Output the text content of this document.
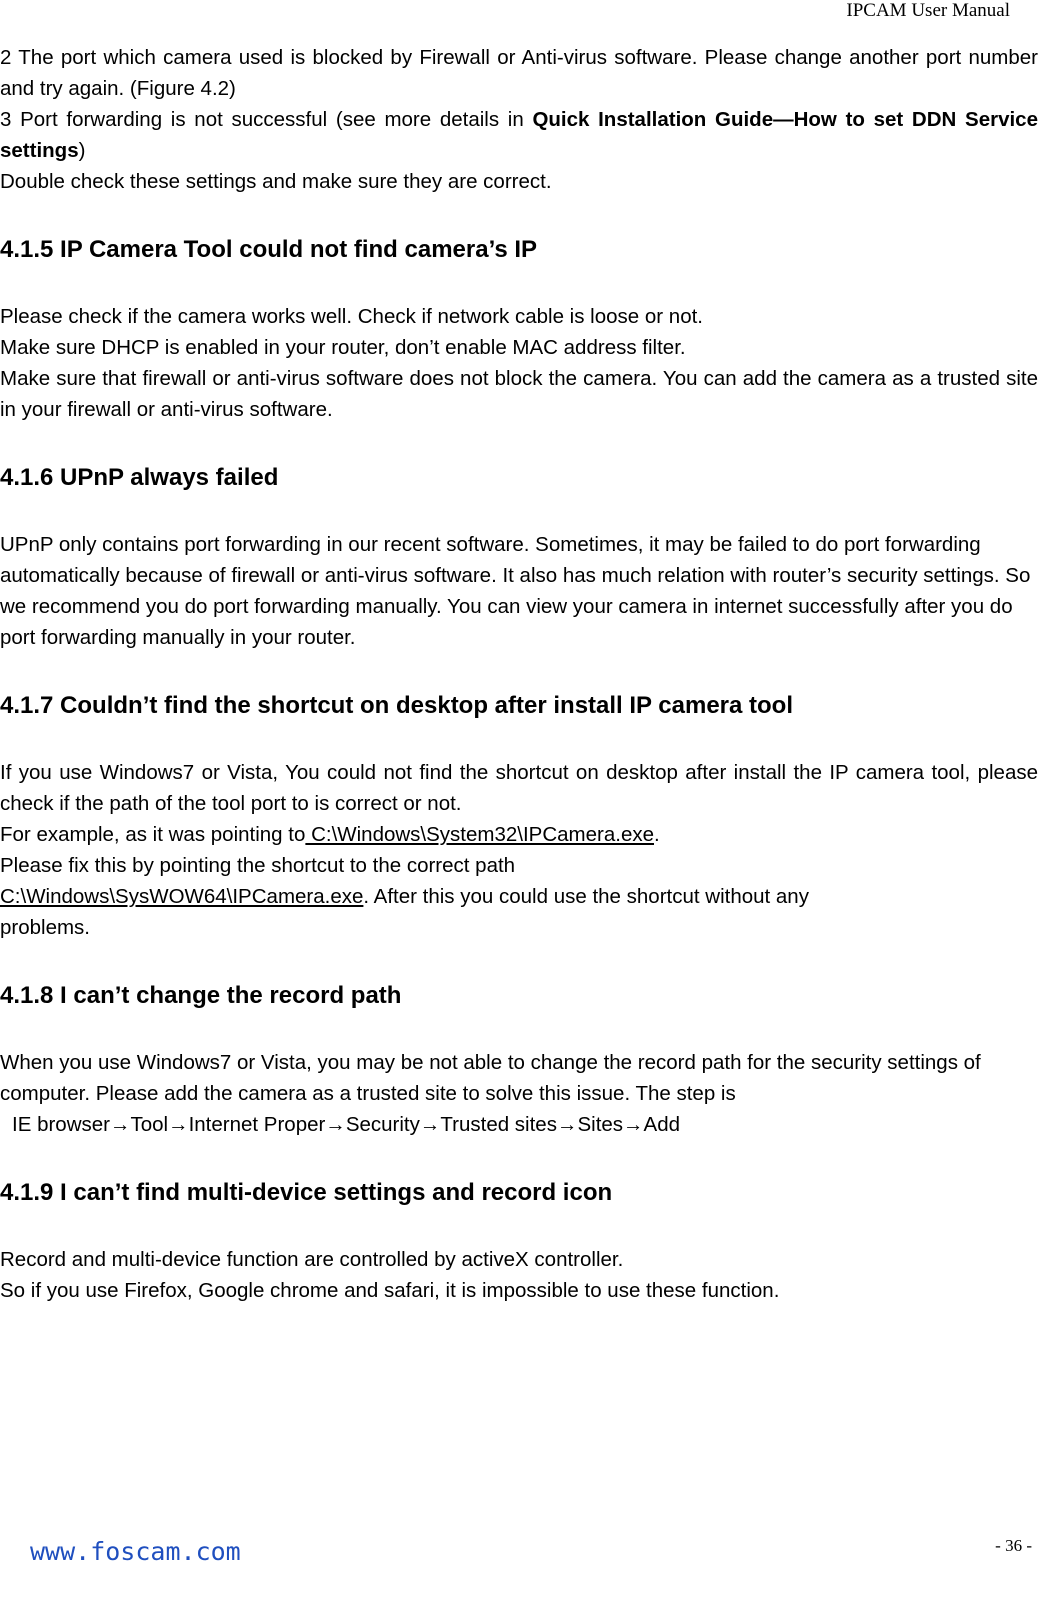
IPCAM User Manual

2 The port which camera used is blocked by Firewall or Anti-virus software. Please change another port number and try again. (Figure 4.2)

3 Port forwarding is not successful (see more details in Quick Installation Guide—How to set DDN Service settings)

Double check these settings and make sure they are correct.

4.1.5 IP Camera Tool could not find camera’s IP

Please check if the camera works well. Check if network cable is loose or not.

Make sure DHCP is enabled in your router, don’t enable MAC address filter.

Make sure that firewall or anti-virus software does not block the camera. You can add the camera as a trusted site in your firewall or anti-virus software.

4.1.6 UPnP always failed

UPnP only contains port forwarding in our recent software. Sometimes, it may be failed to do port forwarding automatically because of firewall or anti-virus software. It also has much relation with router’s security settings. So we recommend you do port forwarding manually. You can view your camera in internet successfully after you do port forwarding manually in your router.

4.1.7 Couldn’t find the shortcut on desktop after install IP camera tool

If you use Windows7 or Vista, You could not find the shortcut on desktop after install the IP camera tool, please check if the path of the tool port to is correct or not.

For example, as it was pointing to C:\Windows\System32\IPCamera.exe.

Please fix this by pointing the shortcut to the correct path

C:\Windows\SysWOW64\IPCamera.exe. After this you could use the shortcut without any

problems.

4.1.8 I can’t change the record path

When you use Windows7 or Vista, you may be not able to change the record path for the security settings of computer. Please add the camera as a trusted site to solve this issue. The step is

IE browser→Tool→Internet Proper→Security→Trusted sites→Sites→Add

4.1.9 I can’t find multi-device settings and record icon

Record and multi-device function are controlled by activeX controller.

So if you use Firefox, Google chrome and safari, it is impossible to use these function.

www.foscam.com	- 36 -
